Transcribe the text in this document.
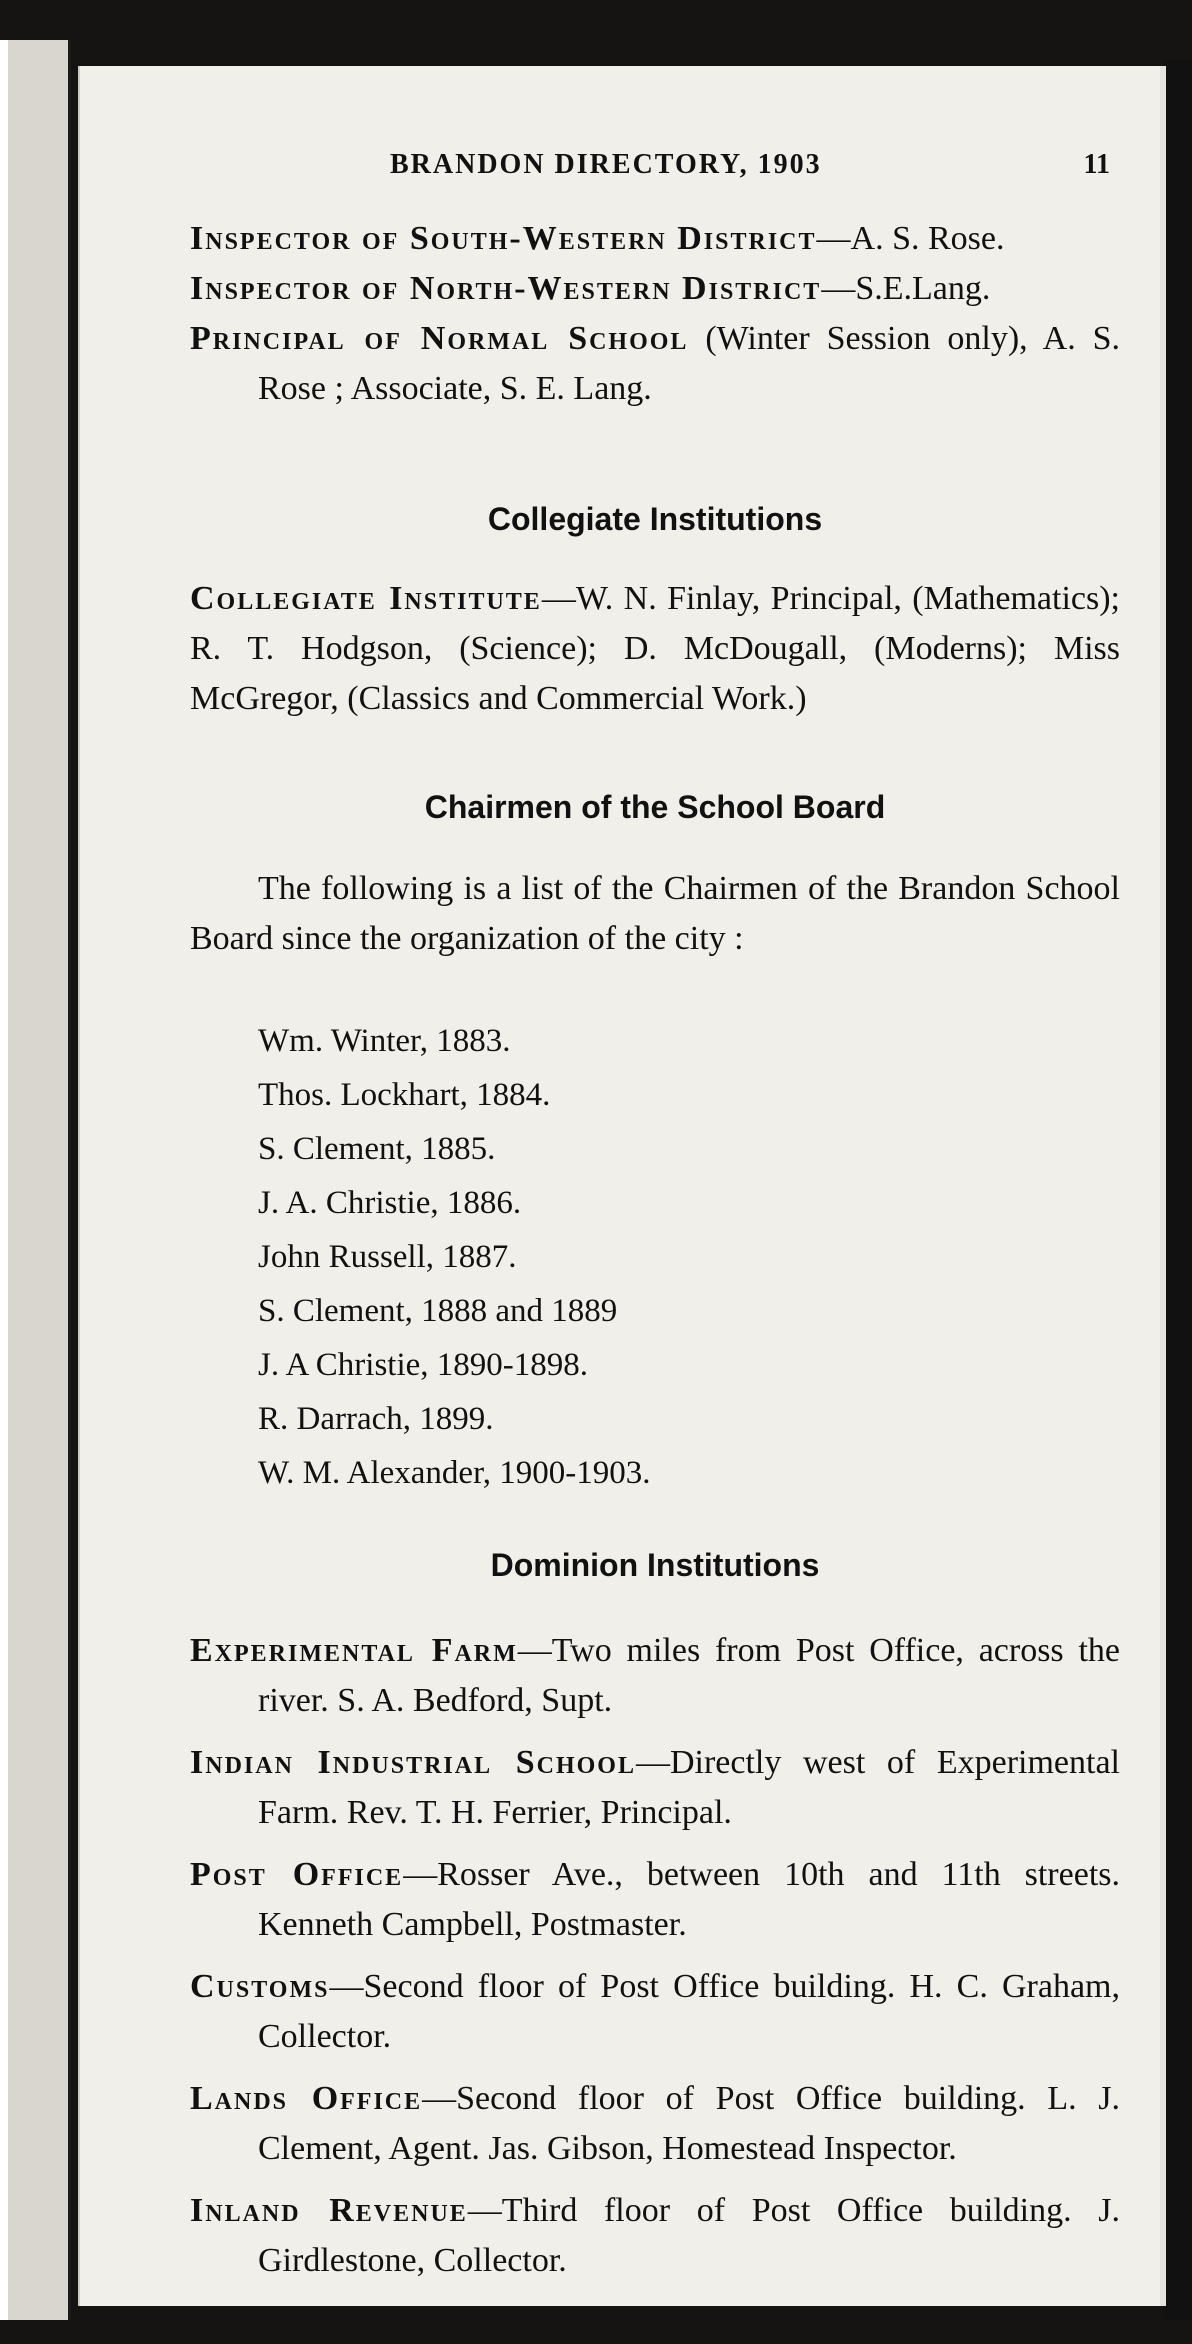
BRANDON DIRECTORY, 1903	11

Inspector of South-Western District—A. S. Rose.

Inspector of North-Western District—S.E.Lang.

Principal of Normal School (Winter Session only), A. S. Rose ; Associate, S. E. Lang.

Collegiate Institutions

Collegiate Institute—W. N. Finlay, Principal, (Mathematics); R. T. Hodgson, (Science); D. McDougall, (Moderns); Miss McGregor, (Classics and Commercial Work.)

Chairmen of the School Board

The following is a list of the Chairmen of the Brandon School Board since the organization of the city :

Wm. Winter, 1883.
Thos. Lockhart, 1884.
S. Clement, 1885.
J. A. Christie, 1886.
John Russell, 1887.
S. Clement, 1888 and 1889
J. A Christie, 1890-1898.
R. Darrach, 1899.
W. M. Alexander, 1900-1903.
Dominion Institutions

Experimental Farm—Two miles from Post Office, across the river. S. A. Bedford, Supt.

Indian Industrial School—Directly west of Experimental Farm. Rev. T. H. Ferrier, Principal.

Post Office—Rosser Ave., between 10th and 11th streets. Kenneth Campbell, Postmaster.

Customs—Second floor of Post Office building. H. C. Graham, Collector.

Lands Office—Second floor of Post Office building. L. J. Clement, Agent. Jas. Gibson, Homestead Inspector.

Inland Revenue—Third floor of Post Office building. J. Girdlestone, Collector.
